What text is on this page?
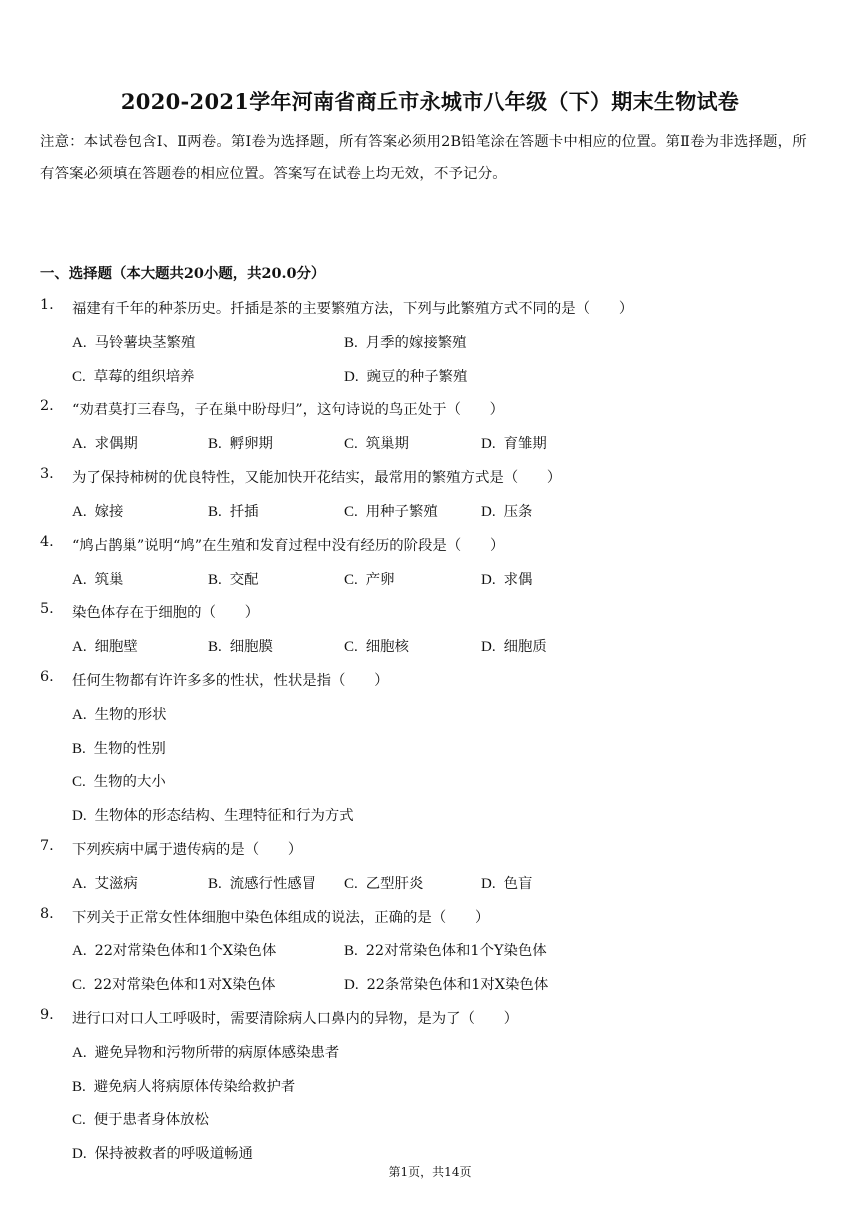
2020-2021学年河南省商丘市永城市八年级（下）期末生物试卷
注意：本试卷包含Ⅰ、Ⅱ两卷。第Ⅰ卷为选择题，所有答案必须用2B铅笔涂在答题卡中相应的位置。第Ⅱ卷为非选择题，所有答案必须填在答题卷的相应位置。答案写在试卷上均无效，不予记分。
一、选择题（本大题共20小题，共20.0分）
1. 福建有千年的种茶历史。扦插是茶的主要繁殖方法，下列与此繁殖方式不同的是（　　）
A. 马铃薯块茎繁殖	B. 月季的嫁接繁殖
C. 草莓的组织培养	D. 豌豆的种子繁殖
2. “劝君莫打三春鸟，子在巢中盼母归”，这句诗说的鸟正处于（　　）
A. 求偶期	B. 孵卵期	C. 筑巢期	D. 育雏期
3. 为了保持柿树的优良特性，又能加快开花结实，最常用的繁殖方式是（　　）
A. 嫁接	B. 扦插	C. 用种子繁殖	D. 压条
4. “鸠占鹊巢”说明“鸠”在生殖和发育过程中没有经历的阶段是（　　）
A. 筑巢	B. 交配	C. 产卵	D. 求偶
5. 染色体存在于细胞的（　　）
A. 细胞壁	B. 细胞膜	C. 细胞核	D. 细胞质
6. 任何生物都有许许多多的性状，性状是指（　　）
A. 生物的形状
B. 生物的性别
C. 生物的大小
D. 生物体的形态结构、生理特征和行为方式
7. 下列疾病中属于遗传病的是（　　）
A. 艾滋病	B. 流感行性感冒 C. 乙型肝炎	D. 色盲
8. 下列关于正常女性体细胞中染色体组成的说法，正确的是（　　）
A. 22对常染色体和1个X染色体	B. 22对常染色体和1个Y染色体
C. 22对常染色体和1对X染色体	D. 22条常染色体和1对X染色体
9. 进行口对口人工呼吸时，需要清除病人口鼻内的异物，是为了（　　）
A. 避免异物和污物所带的病原体感染患者
B. 避免病人将病原体传染给救护者
C. 便于患者身体放松
D. 保持被救者的呼吸道畅通
第1页，共14页
